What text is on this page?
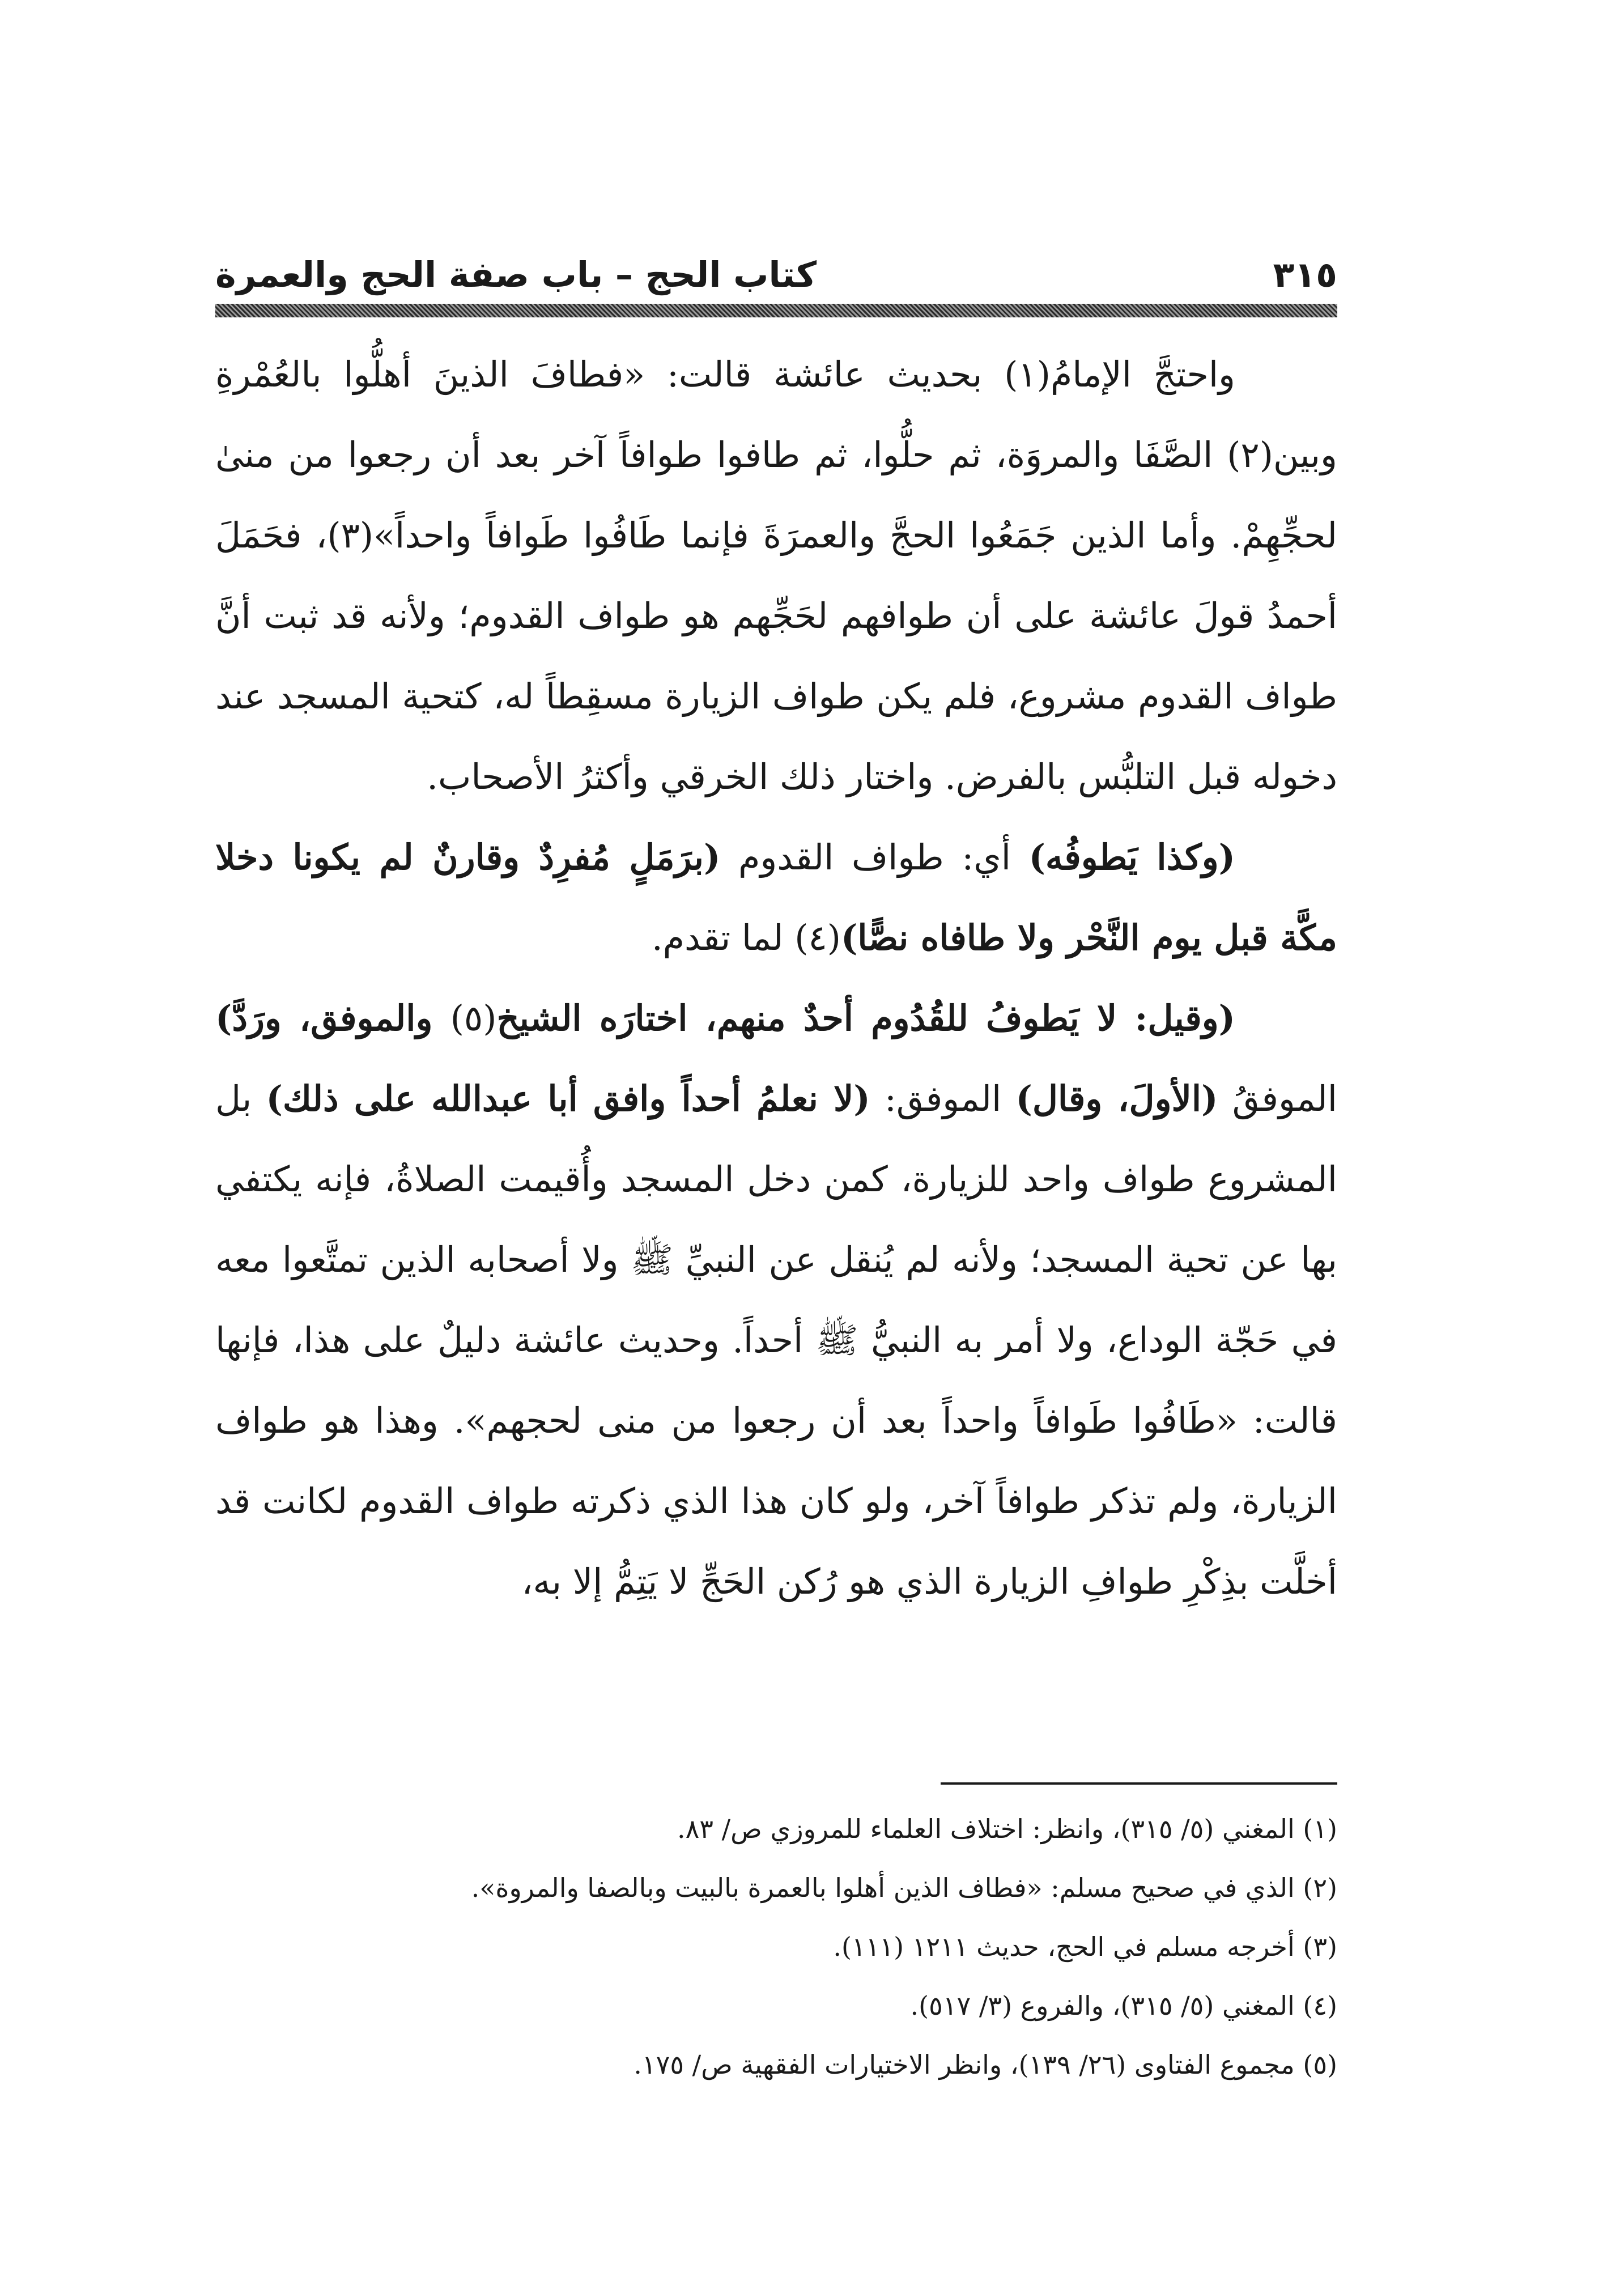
٣١٥
كتاب الحج – باب صفة الحج والعمرة

واحتجَّ الإمامُ(١) بحديث عائشة قالت: «فطافَ الذينَ أهلُّوا بالعُمْرةِ وبين(٢) الصَّفَا والمروَة، ثم حلُّوا، ثم طافوا طوافاً آخر بعد أن رجعوا من منىٰ لحجِّهِمْ. وأما الذين جَمَعُوا الحجَّ والعمرَةَ فإنما طَافُوا طَوافاً واحداً»(٣)، فحَمَلَ أحمدُ قولَ عائشة على أن طوافهم لحَجِّهم هو طواف القدوم؛ ولأنه قد ثبت أنَّ طواف القدوم مشروع، فلم يكن طواف الزيارة مسقِطاً له، كتحية المسجد عند دخوله قبل التلبُّس بالفرض. واختار ذلك الخرقي وأكثرُ الأصحاب.

(وكذا يَطوفُه) أي: طواف القدوم (برَمَلٍ مُفرِدٌ وقارنٌ لم يكونا دخلا مكَّة قبل يوم النَّحْر ولا طافاه نصًّا)(٤) لما تقدم.

(وقيل: لا يَطوفُ للقُدُوم أحدٌ منهم، اختارَه الشيخ(٥) والموفق، ورَدَّ) الموفقُ (الأولَ، وقال) الموفق: (لا نعلمُ أحداً وافق أبا عبدالله على ذلك) بل المشروع طواف واحد للزيارة، كمن دخل المسجد وأُقيمت الصلاةُ، فإنه يكتفي بها عن تحية المسجد؛ ولأنه لم يُنقل عن النبيِّ ﷺ ولا أصحابه الذين تمتَّعوا معه في حَجّة الوداع، ولا أمر به النبيُّ ﷺ أحداً. وحديث عائشة دليلٌ على هذا، فإنها قالت: «طَافُوا طَوافاً واحداً بعد أن رجعوا من منى لحجهم». وهذا هو طواف الزيارة، ولم تذكر طوافاً آخر، ولو كان هذا الذي ذكرته طواف القدوم لكانت قد أخلَّت بذِكْرِ طوافِ الزيارة الذي هو رُكن الحَجِّ لا يَتِمُّ إلا به،

(١) المغني (٥/ ٣١٥)، وانظر: اختلاف العلماء للمروزي ص/ ٨٣.

(٢) الذي في صحيح مسلم: «فطاف الذين أهلوا بالعمرة بالبيت وبالصفا والمروة».

(٣) أخرجه مسلم في الحج، حديث ١٢١١ (١١١).

(٤) المغني (٥/ ٣١٥)، والفروع (٣/ ٥١٧).

(٥) مجموع الفتاوى (٢٦/ ١٣٩)، وانظر الاختيارات الفقهية ص/ ١٧٥.
